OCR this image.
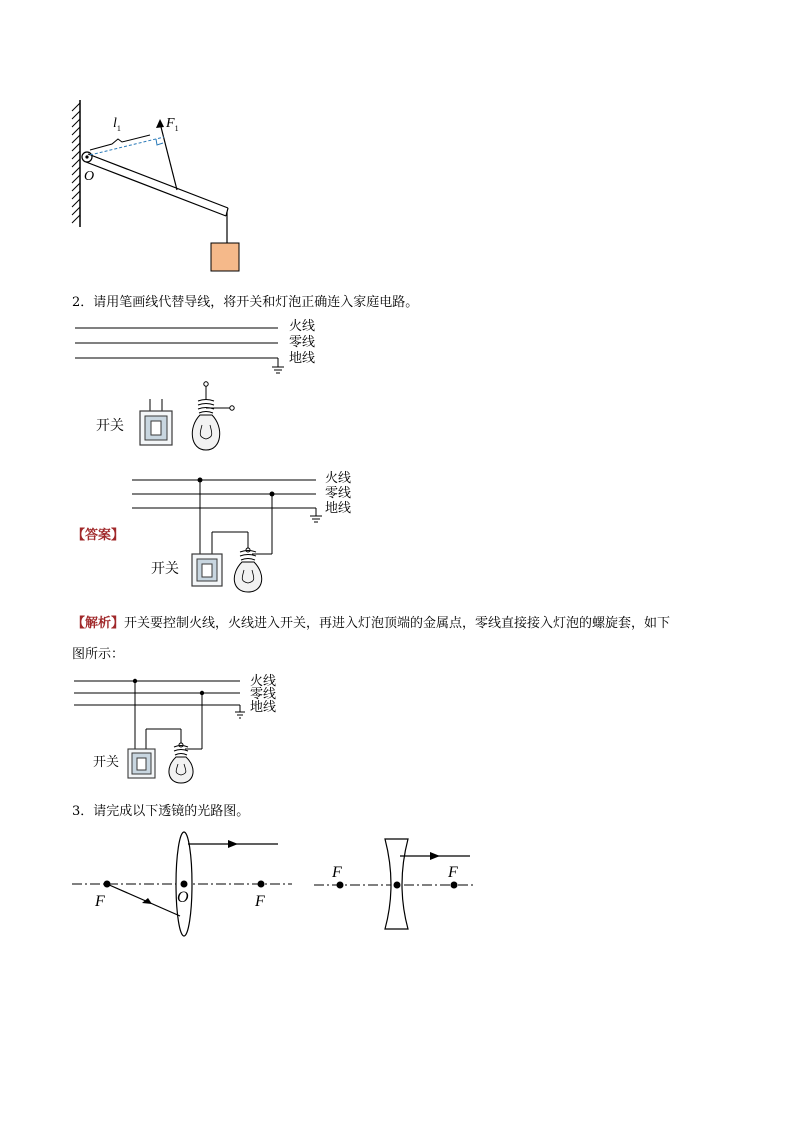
$l_1$	$F_1$
O
2．请用笔画线代替导线，将开关和灯泡正确连入家庭电路。
火线
零线
地线
开关
【答案】
火线
零线
地线
开关
【解析】开关要控制火线，火线进入开关，再进入灯泡顶端的金属点，零线直接接入灯泡的螺旋套，如下
图所示：
火线
零线
地线
开关
3．请完成以下透镜的光路图。
F	O	F
F	F
